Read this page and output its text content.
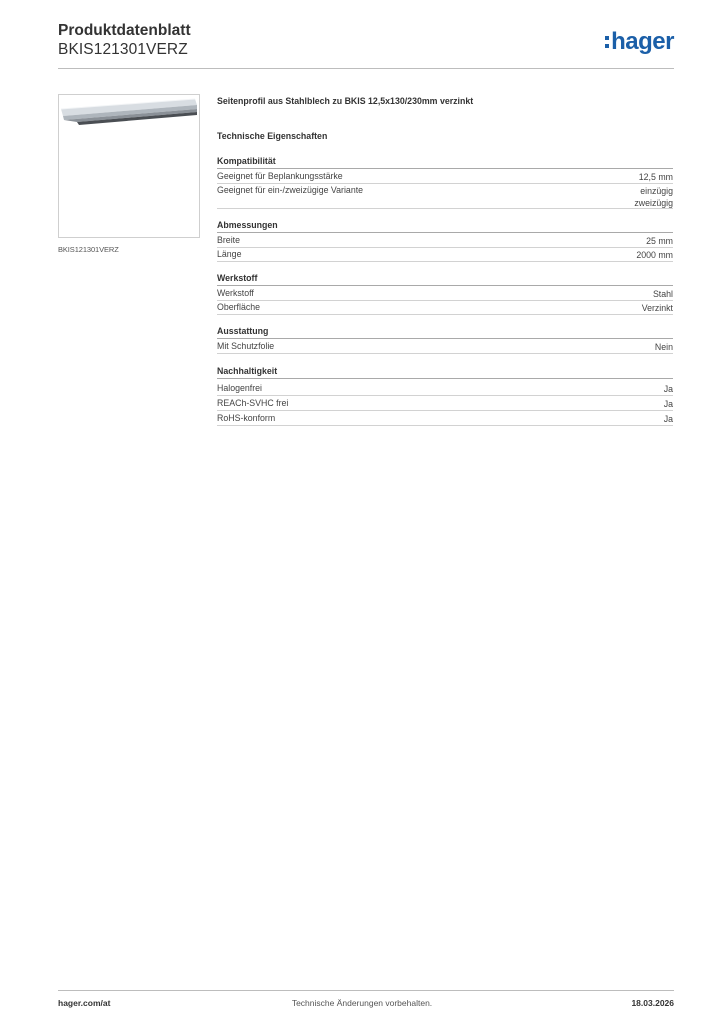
Produktdatenblatt
BKIS121301VERZ	hager
BKIS121301VERZ
Seitenprofil aus Stahlblech zu BKIS 12,5x130/230mm verzinkt
Technische Eigenschaften
Kompatibilität
Geeignet für Beplankungsstärke	12,5 mm
Geeignet für ein-/zweizügige Variante	einzügig
zweizügig
Abmessungen
Breite	25 mm
Länge	2000 mm
Werkstoff
Werkstoff	Stahl
Oberfläche	Verzinkt
Ausstattung
Mit Schutzfolie	Nein
Nachhaltigkeit
Halogenfrei	Ja
REACh-SVHC frei	Ja
RoHS-konform	Ja
hager.com/at	Technische Änderungen vorbehalten.	18.03.2026
